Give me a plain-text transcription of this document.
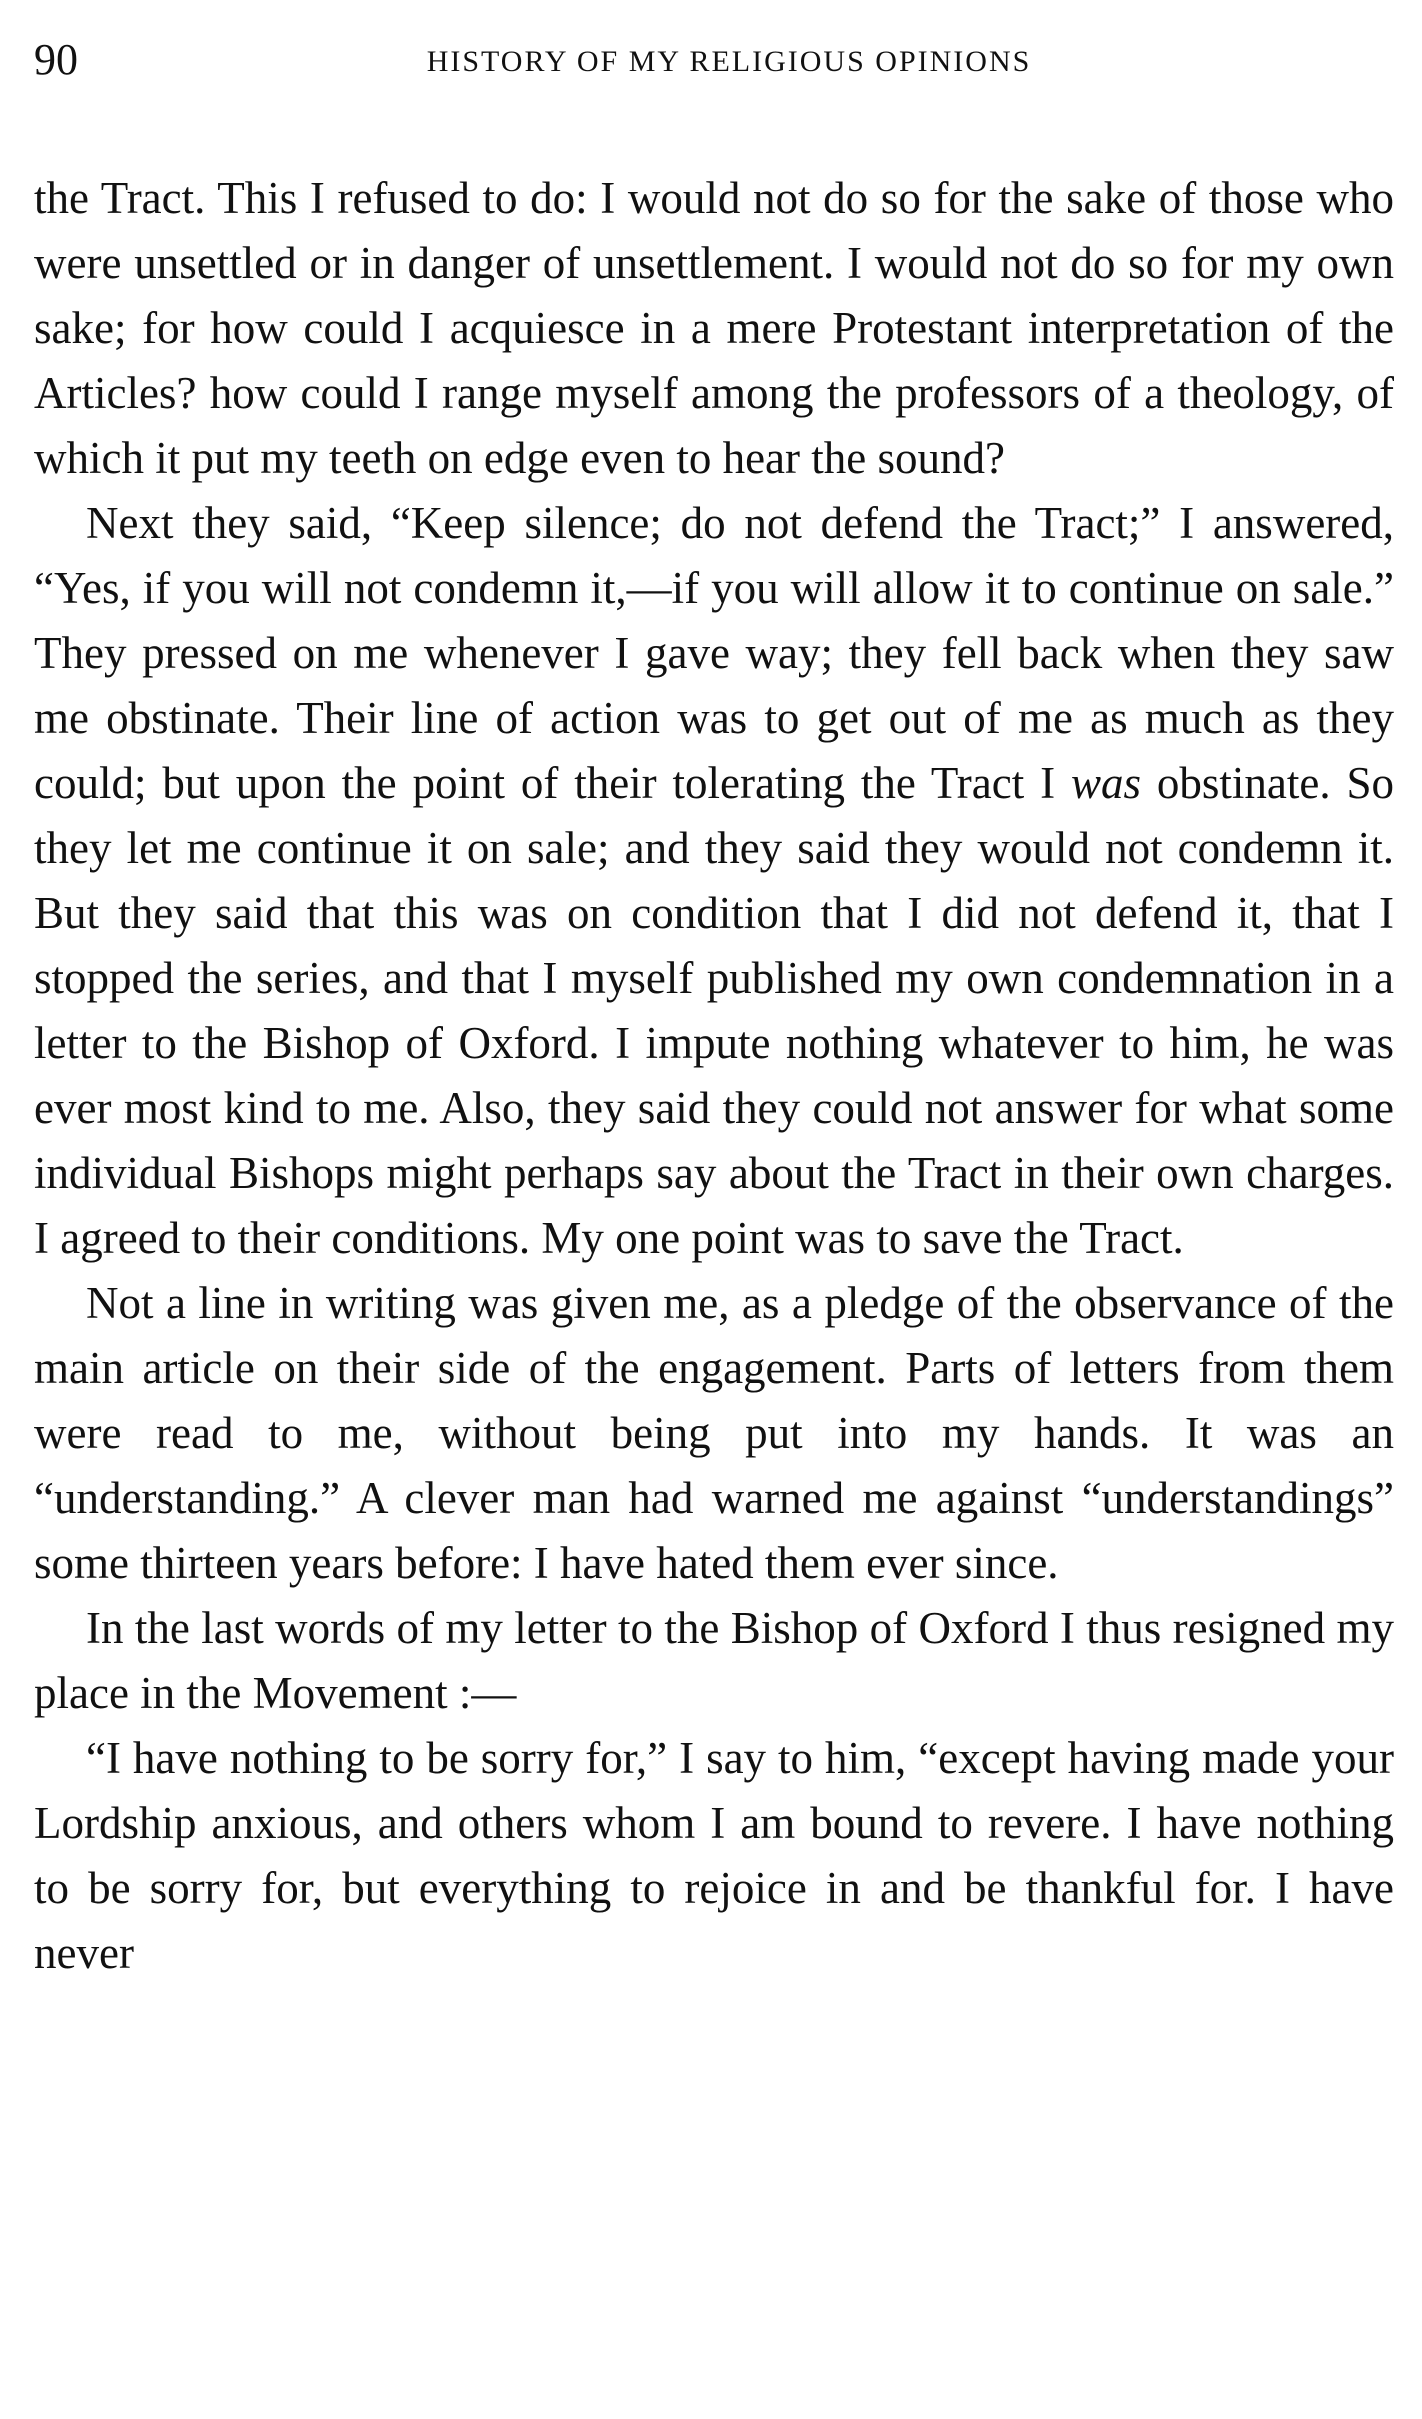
90	HISTORY OF MY RELIGIOUS OPINIONS

the Tract. This I refused to do: I would not do so for the sake of those who were unsettled or in danger of unsettlement. I would not do so for my own sake; for how could I acquiesce in a mere Protestant interpretation of the Articles? how could I range myself among the professors of a theology, of which it put my teeth on edge even to hear the sound?

Next they said, “Keep silence; do not defend the Tract;” I answered, “Yes, if you will not condemn it,—if you will allow it to continue on sale.” They pressed on me whenever I gave way; they fell back when they saw me obstinate. Their line of action was to get out of me as much as they could; but upon the point of their tolerating the Tract I was obstinate. So they let me continue it on sale; and they said they would not condemn it. But they said that this was on condition that I did not defend it, that I stopped the series, and that I myself published my own condemnation in a letter to the Bishop of Oxford. I impute nothing whatever to him, he was ever most kind to me. Also, they said they could not answer for what some individual Bishops might perhaps say about the Tract in their own charges. I agreed to their conditions. My one point was to save the Tract.

Not a line in writing was given me, as a pledge of the observance of the main article on their side of the engagement. Parts of letters from them were read to me, without being put into my hands. It was an “understanding.” A clever man had warned me against “understandings” some thirteen years before: I have hated them ever since.

In the last words of my letter to the Bishop of Oxford I thus resigned my place in the Movement :—

“I have nothing to be sorry for,” I say to him, “except having made your Lordship anxious, and others whom I am bound to revere. I have nothing to be sorry for, but everything to rejoice in and be thankful for. I have never
